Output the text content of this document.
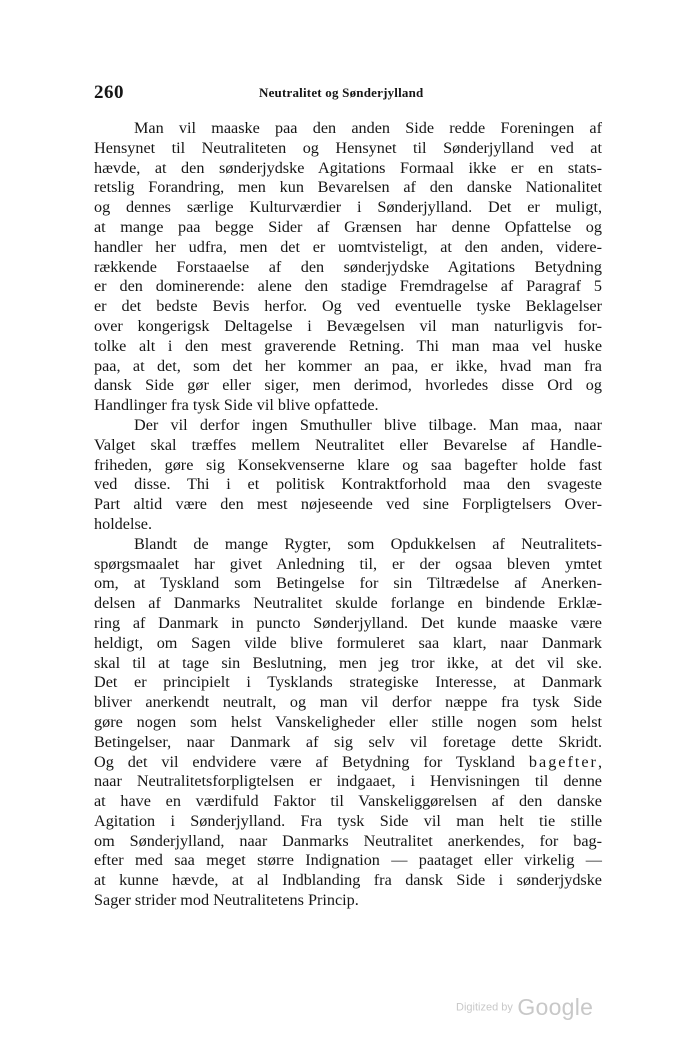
260	Neutralitet og Sønderjylland
Man vil maaske paa den anden Side redde Foreningen af
Hensynet til Neutraliteten og Hensynet til Sønderjylland ved at
hævde, at den sønderjydske Agitations Formaal ikke er en stats-
retslig Forandring, men kun Bevarelsen af den danske Nationalitet
og dennes særlige Kulturværdier i Sønderjylland. Det er muligt,
at mange paa begge Sider af Grænsen har denne Opfattelse og
handler her udfra, men det er uomtvisteligt, at den anden, videre-
rækkende Forstaaelse af den sønderjydske Agitations Betydning
er den dominerende: alene den stadige Fremdragelse af Paragraf 5
er det bedste Bevis herfor. Og ved eventuelle tyske Beklagelser
over kongerigsk Deltagelse i Bevægelsen vil man naturligvis for-
tolke alt i den mest graverende Retning. Thi man maa vel huske
paa, at det, som det her kommer an paa, er ikke, hvad man fra
dansk Side gør eller siger, men derimod, hvorledes disse Ord og
Handlinger fra tysk Side vil blive opfattede.
Der vil derfor ingen Smuthuller blive tilbage. Man maa, naar
Valget skal træffes mellem Neutralitet eller Bevarelse af Handle-
friheden, gøre sig Konsekvenserne klare og saa bagefter holde fast
ved disse. Thi i et politisk Kontraktforhold maa den svageste
Part altid være den mest nøjeseende ved sine Forpligtelsers Over-
holdelse.
Blandt de mange Rygter, som Opdukkelsen af Neutralitets-
spørgsmaalet har givet Anledning til, er der ogsaa bleven ymtet
om, at Tyskland som Betingelse for sin Tiltrædelse af Anerken-
delsen af Danmarks Neutralitet skulde forlange en bindende Erklæ-
ring af Danmark in puncto Sønderjylland. Det kunde maaske være
heldigt, om Sagen vilde blive formuleret saa klart, naar Danmark
skal til at tage sin Beslutning, men jeg tror ikke, at det vil ske.
Det er principielt i Tysklands strategiske Interesse, at Danmark
bliver anerkendt neutralt, og man vil derfor næppe fra tysk Side
gøre nogen som helst Vanskeligheder eller stille nogen som helst
Betingelser, naar Danmark af sig selv vil foretage dette Skridt.
Og det vil endvidere være af Betydning for Tyskland bagefter,
naar Neutralitetsforpligtelsen er indgaaet, i Henvisningen til denne
at have en værdifuld Faktor til Vanskeliggørelsen af den danske
Agitation i Sønderjylland. Fra tysk Side vil man helt tie stille
om Sønderjylland, naar Danmarks Neutralitet anerkendes, for bag-
efter med saa meget større Indignation — paataget eller virkelig —
at kunne hævde, at al Indblanding fra dansk Side i sønderjydske
Sager strider mod Neutralitetens Princip.
Digitized by Google
